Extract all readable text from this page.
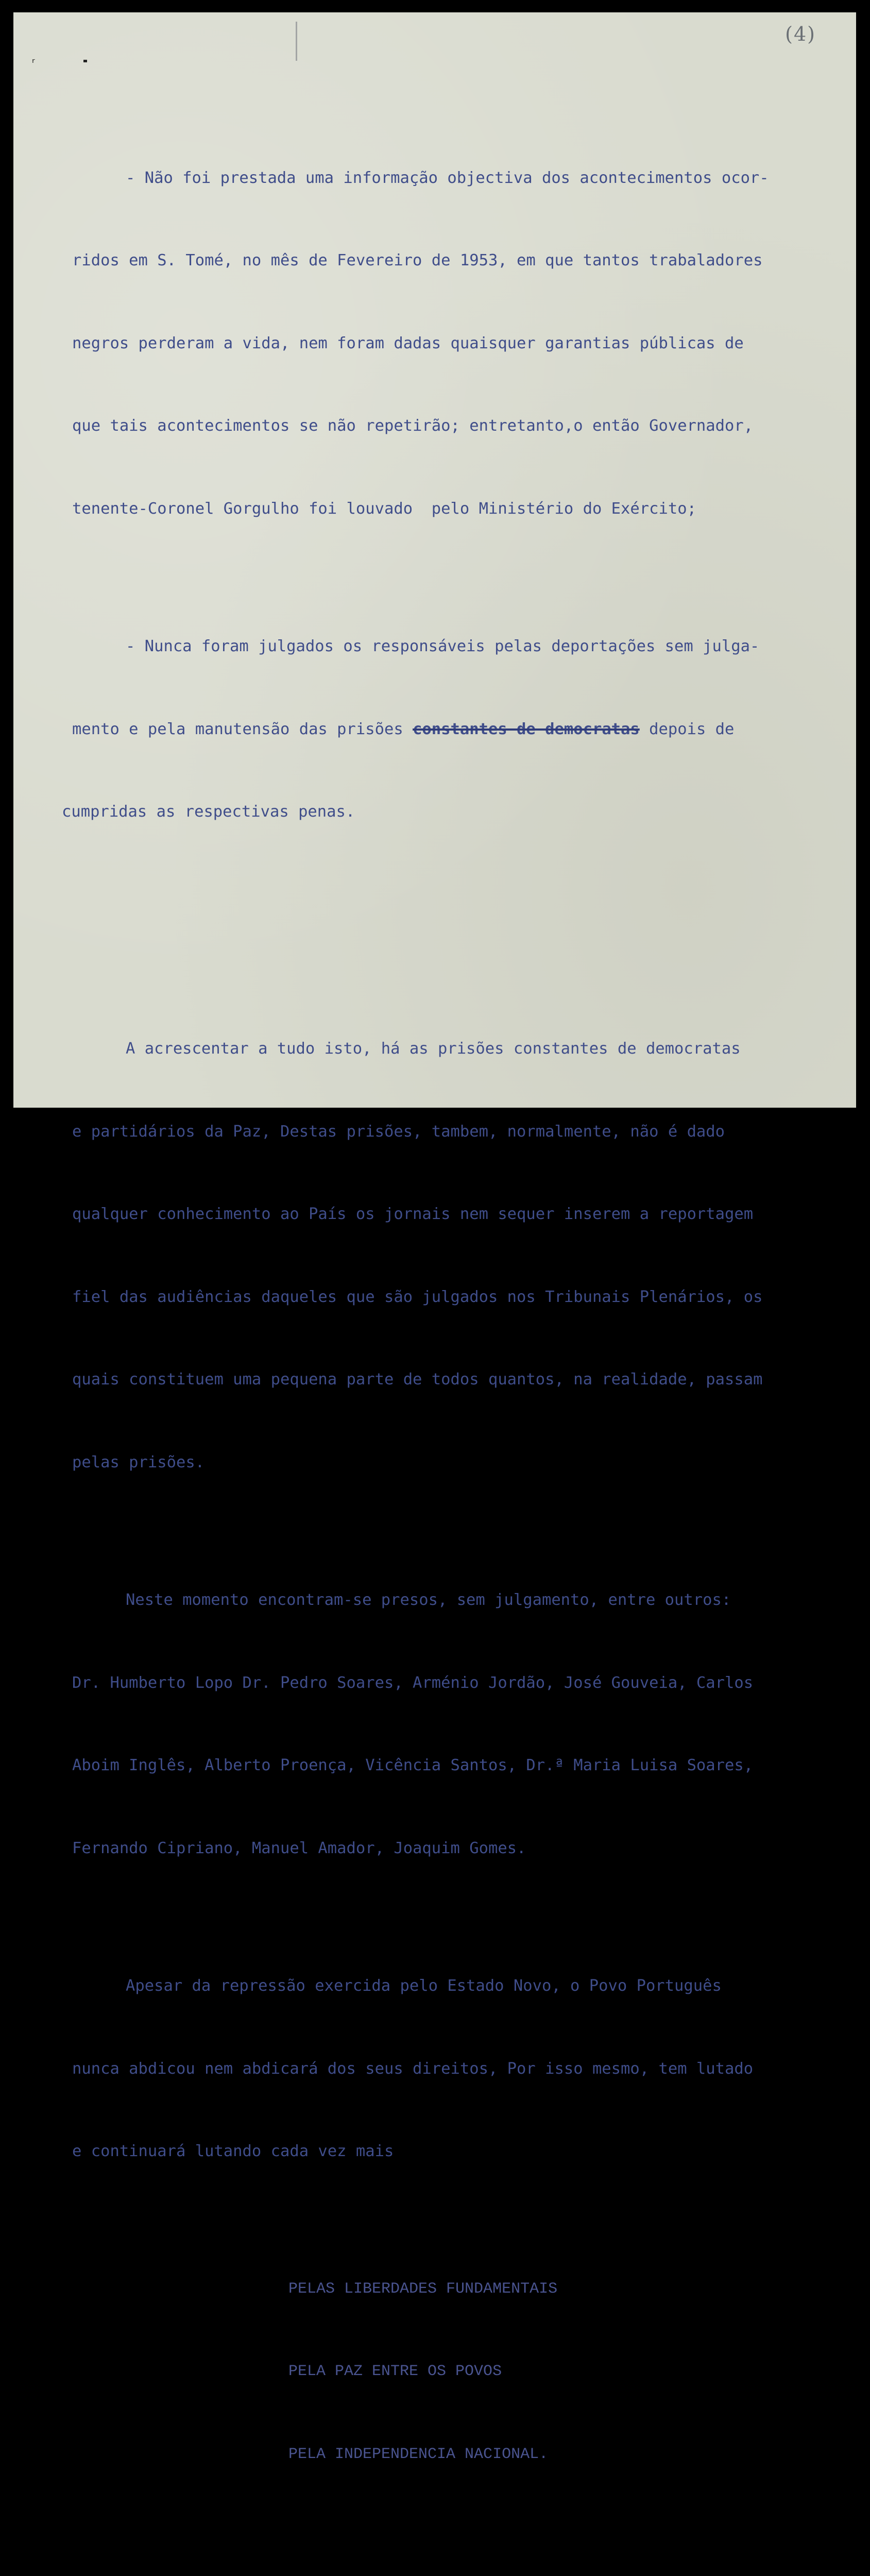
(4)
ʳ

- Não foi prestada uma informação objectiva dos acontecimentos ocor-

ridos em S. Tomé, no mês de Fevereiro de 1953, em que tantos trabaladores

negros perderam a vida, nem foram dadas quaisquer garantias públicas de

que tais acontecimentos se não repetirão; entretanto,o então Governador,

tenente-Coronel Gorgulho foi louvado  pelo Ministério do Exército;

- Nunca foram julgados os responsáveis pelas deportações sem julga-

mento e pela manutensão das prisões constantes de democratas depois de

cumpridas as respectivas penas.

A acrescentar a tudo isto, há as prisões constantes de democratas

e partidários da Paz, Destas prisões, tambem, normalmente, não é dado

qualquer conhecimento ao País os jornais nem sequer inserem a reportagem

fiel das audiências daqueles que são julgados nos Tribunais Plenários, os

quais constituem uma pequena parte de todos quantos, na realidade, passam

pelas prisões.

Neste momento encontram-se presos, sem julgamento, entre outros:

Dr. Humberto Lopo Dr. Pedro Soares, Arménio Jordão, José Gouveia, Carlos

Aboim Inglês, Alberto Proença, Vicência Santos, Dr.ª Maria Luisa Soares,

Fernando Cipriano, Manuel Amador, Joaquim Gomes.

Apesar da repressão exercida pelo Estado Novo, o Povo Português

nunca abdicou nem abdicará dos seus direitos, Por isso mesmo, tem lutado

e continuará lutando cada vez mais

PELAS LIBERDADES FUNDAMENTAIS

PELA PAZ ENTRE OS POVOS

PELA INDEPENDENCIA NACIONAL.
